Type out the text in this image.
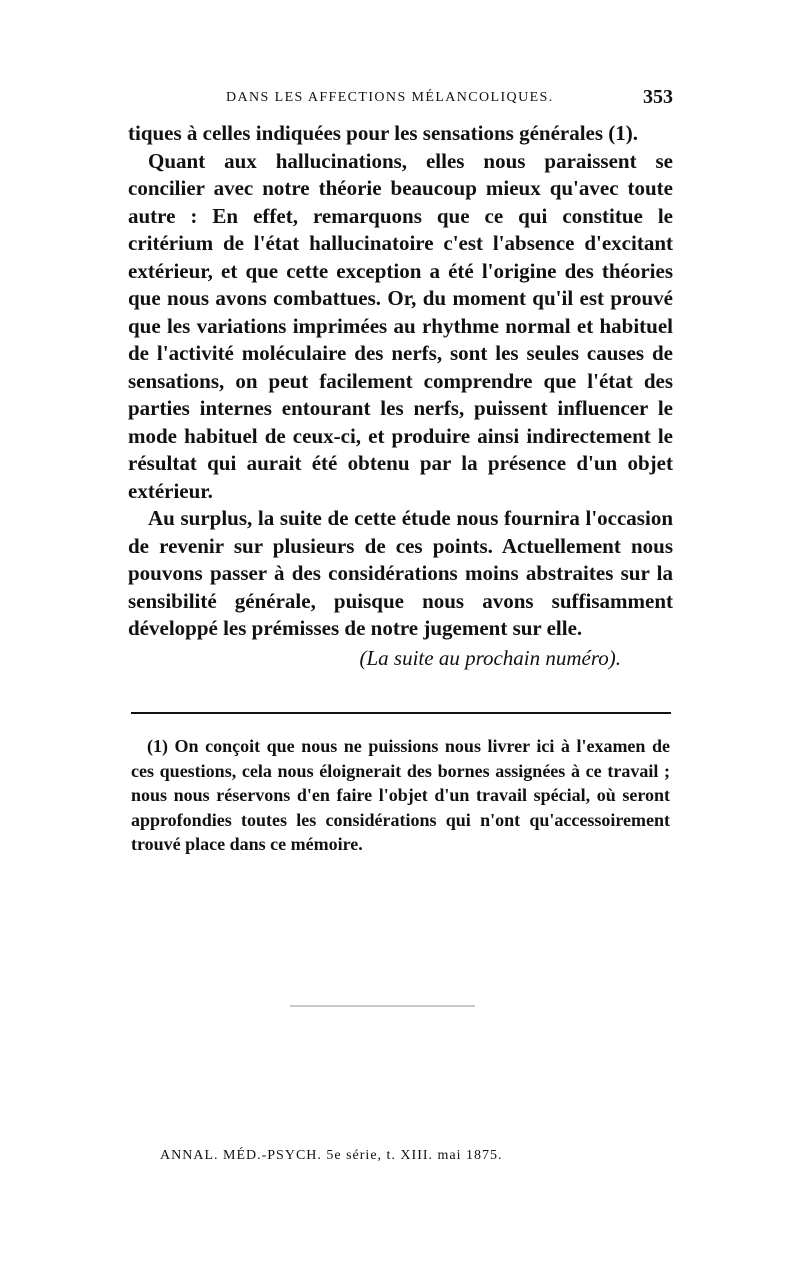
DANS LES AFFECTIONS MÉLANCOLIQUES.	353

tiques à celles indiquées pour les sensations générales (1).

Quant aux hallucinations, elles nous paraissent se concilier avec notre théorie beaucoup mieux qu'avec toute autre : En effet, remarquons que ce qui constitue le critérium de l'état hallucinatoire c'est l'absence d'excitant extérieur, et que cette exception a été l'origine des théories que nous avons combattues. Or, du moment qu'il est prouvé que les variations imprimées au rhythme normal et habituel de l'activité moléculaire des nerfs, sont les seules causes de sensations, on peut facilement comprendre que l'état des parties internes entourant les nerfs, puissent influencer le mode habituel de ceux-ci, et produire ainsi indirectement le résultat qui aurait été obtenu par la présence d'un objet extérieur.

Au surplus, la suite de cette étude nous fournira l'occasion de revenir sur plusieurs de ces points. Actuellement nous pouvons passer à des considérations moins abstraites sur la sensibilité générale, puisque nous avons suffisamment développé les prémisses de notre jugement sur elle.

(La suite au prochain numéro).

(1) On conçoit que nous ne puissions nous livrer ici à l'examen de ces questions, cela nous éloignerait des bornes assignées à ce travail ; nous nous réservons d'en faire l'objet d'un travail spécial, où seront approfondies toutes les considérations qui n'ont qu'accessoirement trouvé place dans ce mémoire.

ANNAL. MÉD.-PSYCH. 5e série, t. XIII. mai 1875.
